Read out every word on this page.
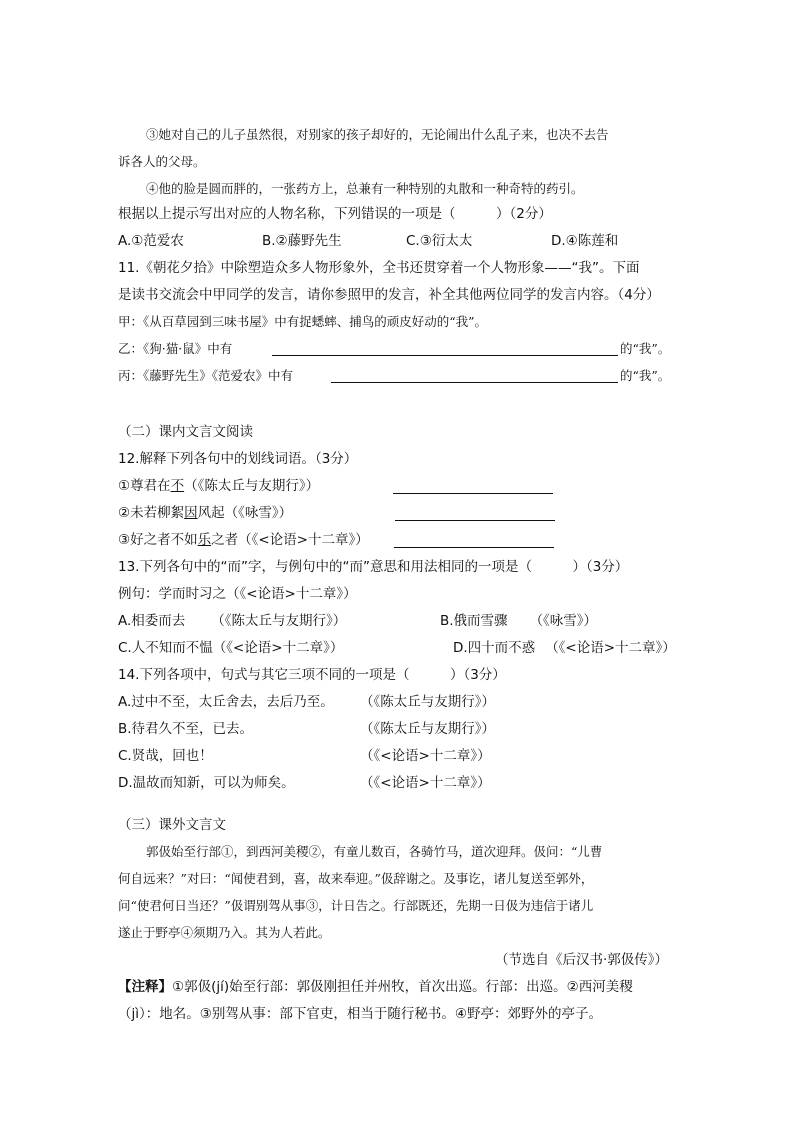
③她对自己的儿子虽然很，对别家的孩子却好的，无论闹出什么乱子来，也决不去告
诉各人的父母。
④他的脸是圆而胖的，一张药方上，总兼有一种特别的丸散和一种奇特的药引。
根据以上提示写出对应的人物名称，下列错误的一项是（　　　）（2分）
A.①范爱农	B.②藤野先生	C.③衍太太	D.④陈莲和
11.《朝花夕拾》中除塑造众多人物形象外，全书还贯穿着一个人物形象——“我”。下面
是读书交流会中甲同学的发言，请你参照甲的发言，补全其他两位同学的发言内容。（4分）
甲：《从百草园到三味书屋》中有捉蟋蟀、捕鸟的顽皮好动的“我”。
乙：《狗·猫·鼠》中有	的“我”。
丙：《藤野先生》《范爱农》中有	的“我”。
（二）课内文言文阅读
12.解释下列各句中的划线词语。（3分）
①尊君在不（《陈太丘与友期行》）
②未若柳絮因风起（《咏雪》）
③好之者不如乐之者（《<论语>十二章》）
13.下列各句中的“而”字，与例句中的“而”意思和用法相同的一项是（　　　）（3分）
例句：学而时习之（《<论语>十二章》）
A.相委而去 （《陈太丘与友期行》）	B.俄而雪骤 （《咏雪》）
C.人不知而不愠（《<论语>十二章》）	D.四十而不惑 （《<论语>十二章》）
14.下列各项中，句式与其它三项不同的一项是（　　　）（3分）
A.过中不至，太丘舍去，去后乃至。 （《陈太丘与友期行》）
B.待君久不至，已去。	（《陈太丘与友期行》）
C.贤哉，回也！	（《<论语>十二章》）
D.温故而知新，可以为师矣。	（《<论语>十二章》）
（三）课外文言文
郭伋始至行部①，到西河美稷②，有童儿数百，各骑竹马，道次迎拜。伋问：“儿曹
何自远来？”对曰：“闻使君到，喜，故来奉迎。”伋辞谢之。及事讫，诸儿复送至郭外，
问“使君何日当还？”伋谓别驾从事③，计日告之。行部既还，先期一日伋为违信于诸儿
遂止于野亭④须期乃入。其为人若此。
（节选自《后汉书·郭伋传》）
【注释】①郭伋(jí)始至行部：郭伋刚担任并州牧，首次出巡。行部：出巡。②西河美稷
（jì）：地名。③别驾从事：部下官吏，相当于随行秘书。④野亭：郊野外的亭子。
